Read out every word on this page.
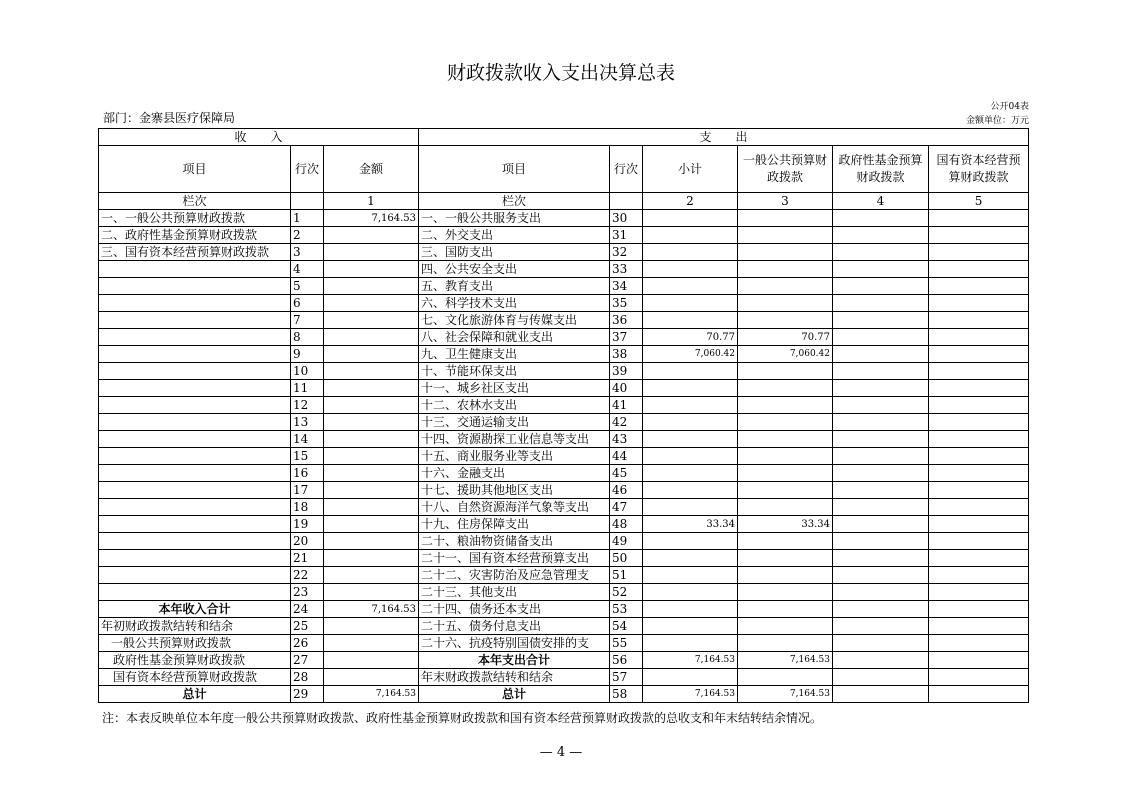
财政拨款收入支出决算总表
公开04表
部门：金寨县医疗保障局	金额单位：万元
收　　入			支　　出					
项目	行次	金额	项目	行次	小计	一般公共预算财政拨款	政府性基金预算财政拨款	国有资本经营预算财政拨款
栏次		1	栏次		2	3	4	5
一、一般公共预算财政拨款	1	7,164.53	一、一般公共服务支出	30				
二、政府性基金预算财政拨款	2		二、外交支出	31				
三、国有资本经营预算财政拨款	3		三、国防支出	32				
	4		四、公共安全支出	33				
	5		五、教育支出	34				
	6		六、科学技术支出	35				
	7		七、文化旅游体育与传媒支出	36				
	8		八、社会保障和就业支出	37	70.77	70.77		
	9		九、卫生健康支出	38	7,060.42	7,060.42		
	10		十、节能环保支出	39				
	11		十一、城乡社区支出	40				
	12		十二、农林水支出	41				
	13		十三、交通运输支出	42				
	14		十四、资源勘探工业信息等支出	43				
	15		十五、商业服务业等支出	44				
	16		十六、金融支出	45				
	17		十七、援助其他地区支出	46				
	18		十八、自然资源海洋气象等支出	47				
	19		十九、住房保障支出	48	33.34	33.34		
	20		二十、粮油物资储备支出	49				
	21		二十一、国有资本经营预算支出	50				
	22		二十二、灾害防治及应急管理支	51				
	23		二十三、其他支出	52				
本年收入合计	24	7,164.53	二十四、债务还本支出	53				
年初财政拨款结转和结余	25		二十五、债务付息支出	54				
一般公共预算财政拨款	26		二十六、抗疫特别国债安排的支	55				
政府性基金预算财政拨款	27		本年支出合计	56	7,164.53	7,164.53		
国有资本经营预算财政拨款	28		年末财政拨款结转和结余	57				
总计	29	7,164.53	总计	58	7,164.53	7,164.53		
注：本表反映单位本年度一般公共预算财政拨款、政府性基金预算财政拨款和国有资本经营预算财政拨款的总收支和年末结转结余情况。
— 4 —
